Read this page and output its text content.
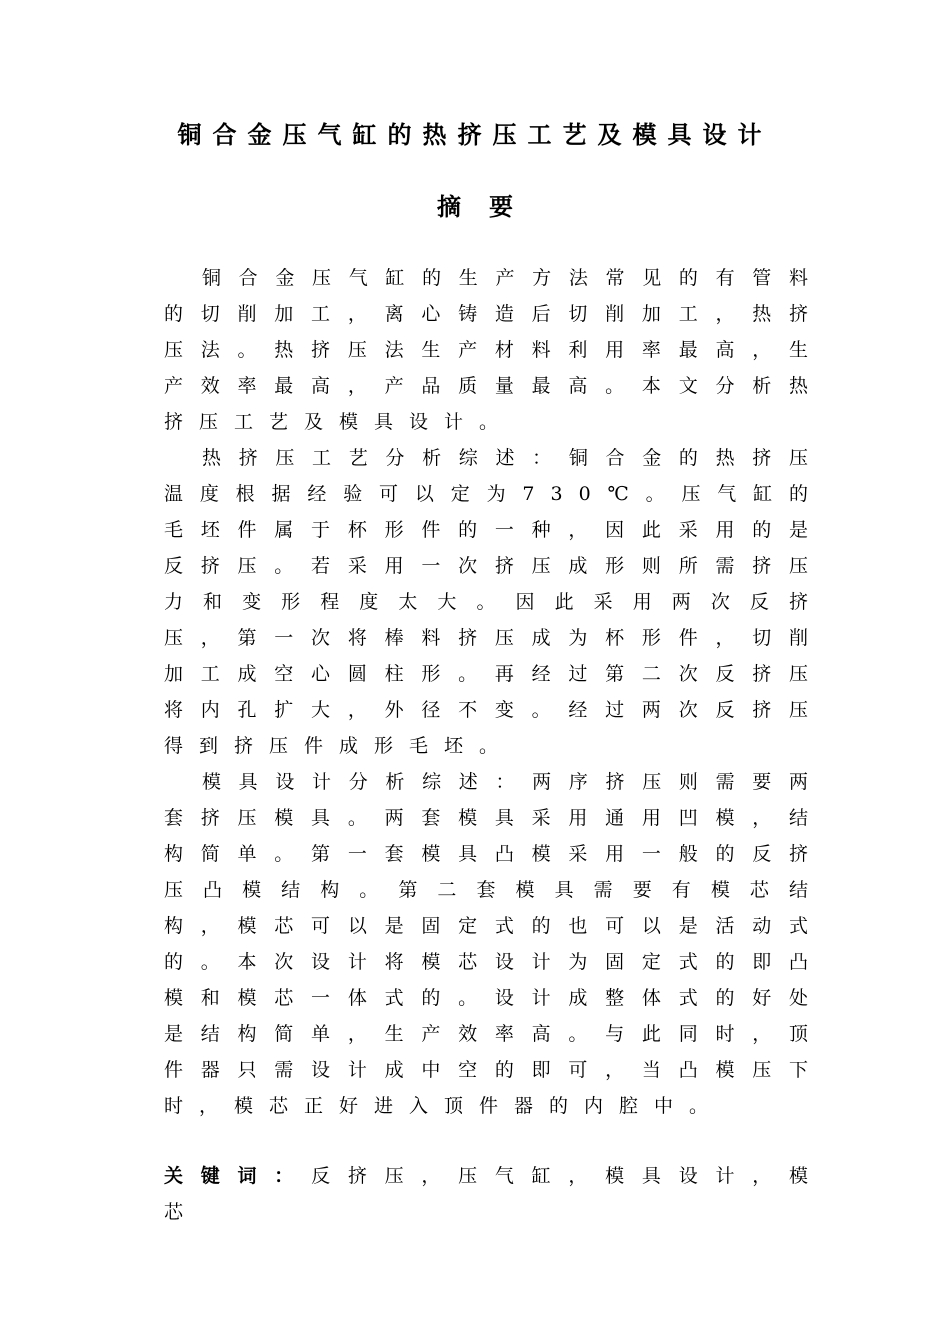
铜合金压气缸的热挤压工艺及模具设计
摘要

铜合金压气缸的生产方法常见的有管料的切削加工，离心铸造后切削加工，热挤压法。热挤压法生产材料利用率最高，生产效率最高，产品质量最高。本文分析热挤压工艺及模具设计。

热挤压工艺分析综述：铜合金的热挤压温度根据经验可以定为730℃。压气缸的毛坯件属于杯形件的一种，因此采用的是反挤压。若采用一次挤压成形则所需挤压力和变形程度太大。因此采用两次反挤压，第一次将棒料挤压成为杯形件，切削加工成空心圆柱形。再经过第二次反挤压将内孔扩大，外径不变。经过两次反挤压得到挤压件成形毛坯。

模具设计分析综述：两序挤压则需要两套挤压模具。两套模具采用通用凹模，结构简单。第一套模具凸模采用一般的反挤压凸模结构。第二套模具需要有模芯结构，模芯可以是固定式的也可以是活动式的。本次设计将模芯设计为固定式的即凸模和模芯一体式的。设计成整体式的好处是结构简单，生产效率高。与此同时，顶件器只需设计成中空的即可，当凸模压下时，模芯正好进入顶件器的内腔中。

关键词：反挤压，压气缸，模具设计，模芯
